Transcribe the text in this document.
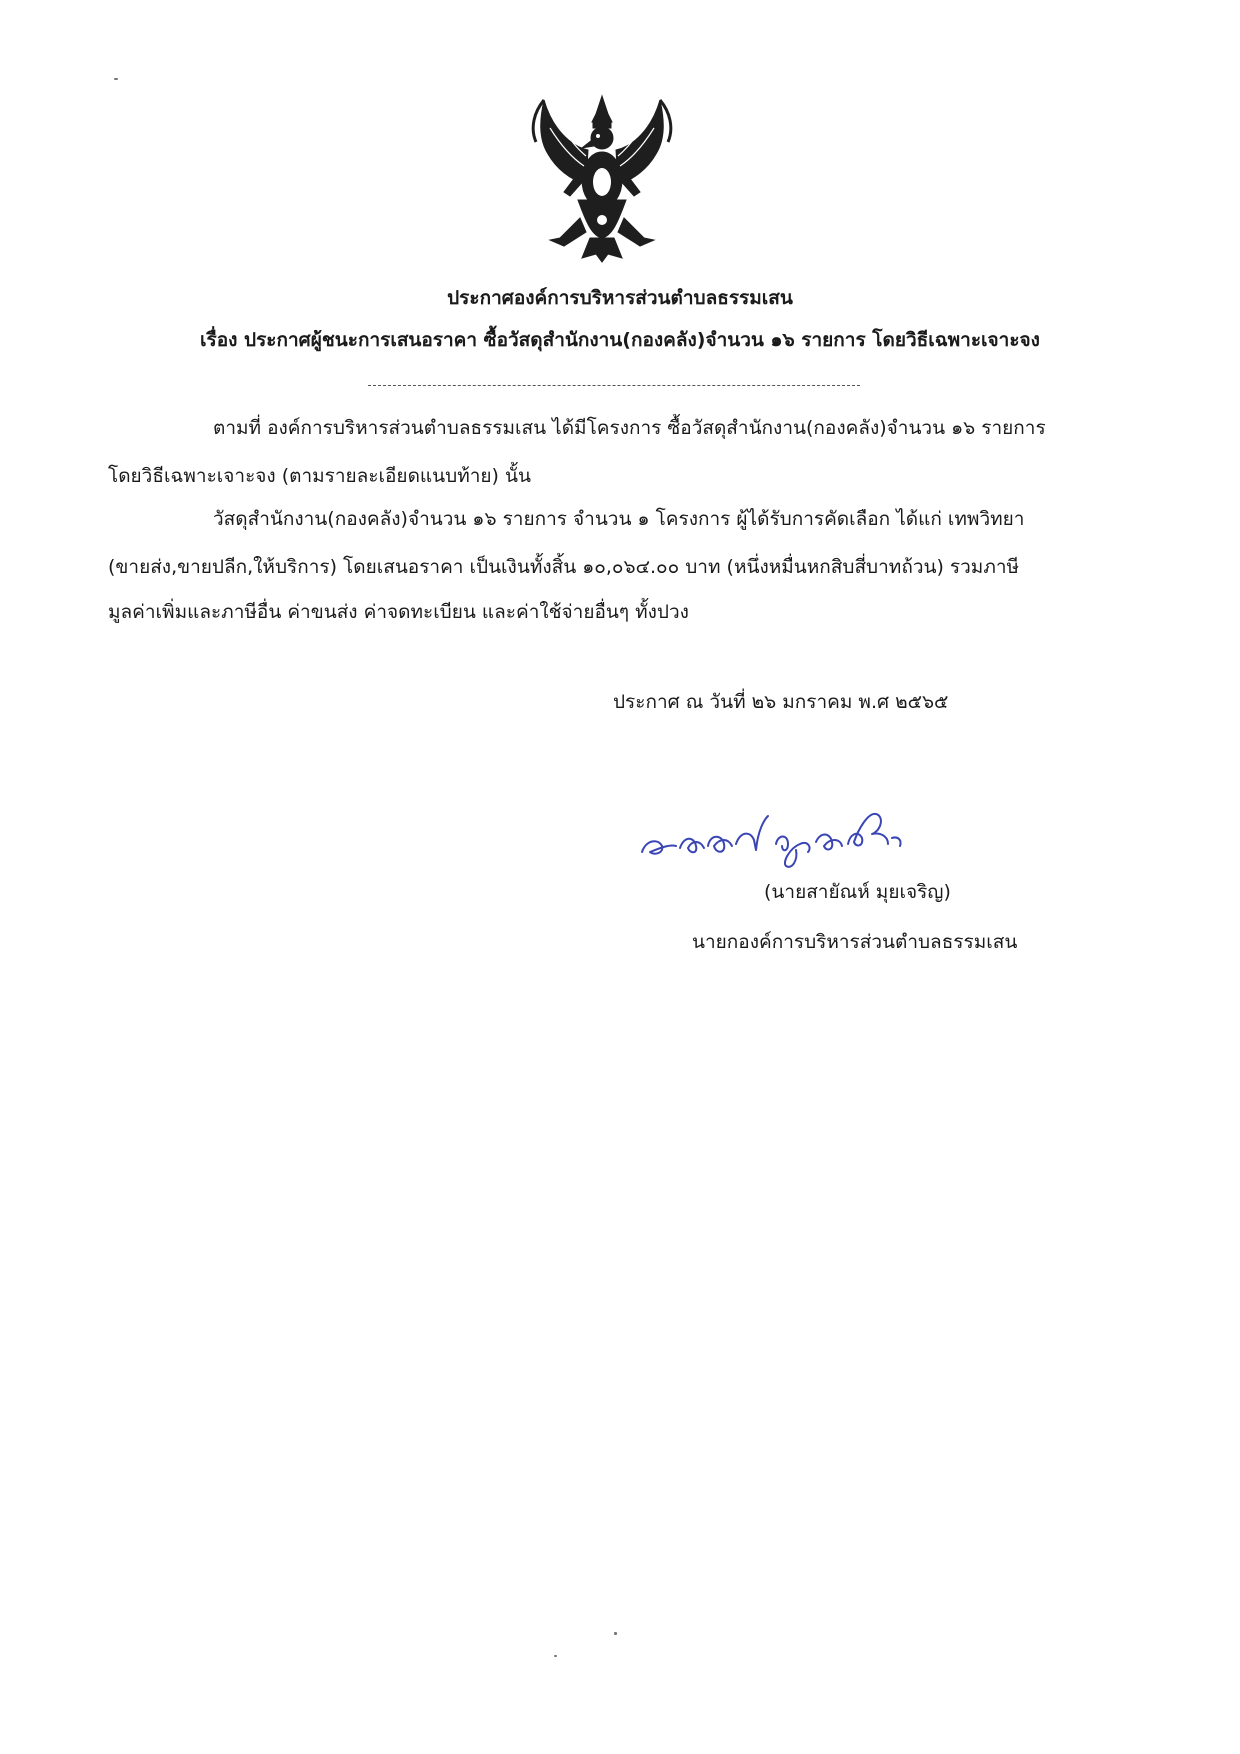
ประกาศองค์การบริหารส่วนตำบลธรรมเสน
เรื่อง ประกาศผู้ชนะการเสนอราคา ซื้อวัสดุสำนักงาน(กองคลัง)จำนวน ๑๖ รายการ โดยวิธีเฉพาะเจาะจง
ตามที่ องค์การบริหารส่วนตำบลธรรมเสน ได้มีโครงการ ซื้อวัสดุสำนักงาน(กองคลัง)จำนวน ๑๖ รายการ
โดยวิธีเฉพาะเจาะจง (ตามรายละเอียดแนบท้าย) นั้น
วัสดุสำนักงาน(กองคลัง)จำนวน ๑๖ รายการ จำนวน ๑ โครงการ ผู้ได้รับการคัดเลือก ได้แก่ เทพวิทยา
(ขายส่ง,ขายปลีก,ให้บริการ) โดยเสนอราคา เป็นเงินทั้งสิ้น ๑๐,๐๖๔.๐๐ บาท (หนึ่งหมื่นหกสิบสี่บาทถ้วน) รวมภาษี
มูลค่าเพิ่มและภาษีอื่น ค่าขนส่ง ค่าจดทะเบียน และค่าใช้จ่ายอื่นๆ ทั้งปวง
ประกาศ ณ วันที่ ๒๖ มกราคม พ.ศ ๒๕๖๕
(นายสายัณห์ มุยเจริญ)
นายกองค์การบริหารส่วนตำบลธรรมเสน
